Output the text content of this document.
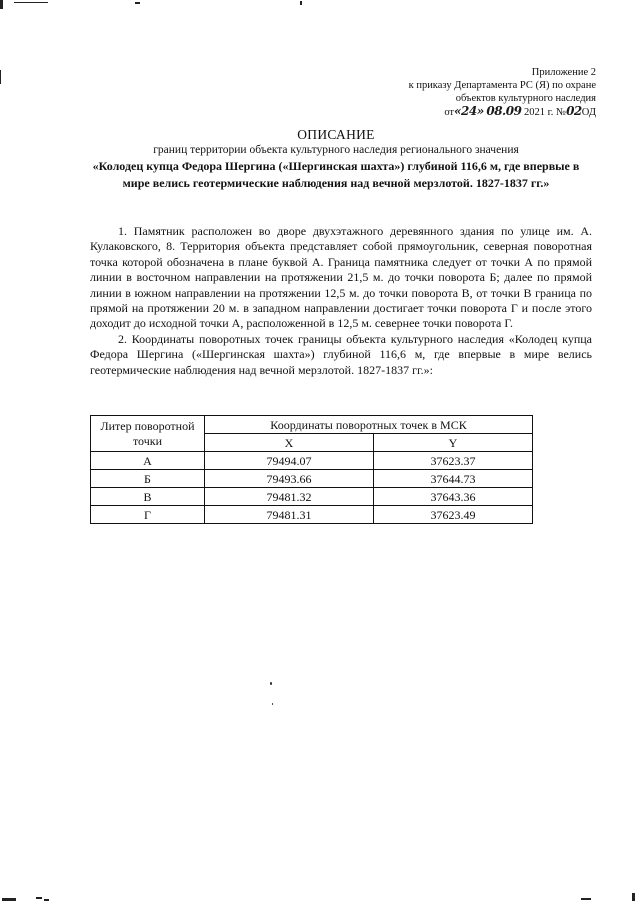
Приложение 2
к приказу Департамента РС (Я) по охране
объектов культурного наследия
от«24» 08.09 2021 г. №02ОД
ОПИСАНИЕ
границ территории объекта культурного наследия регионального значения
«Колодец купца Федора Шергина («Шергинская шахта») глубиной 116,6 м, где впервые в мире велись геотермические наблюдения над вечной мерзлотой. 1827-1837 гг.»

1. Памятник расположен во дворе двухэтажного деревянного здания по улице им. А. Кулаковского, 8. Территория объекта представляет собой прямоугольник, северная поворотная точка которой обозначена в плане буквой А. Граница памятника следует от точки А по прямой линии в восточном направлении на протяжении 21,5 м. до точки поворота Б; далее по прямой линии в южном направлении на протяжении 12,5 м. до точки поворота В, от точки В граница по прямой на протяжении 20 м. в западном направлении достигает точки поворота Г и после этого доходит до исходной точки А, расположенной в 12,5 м. севернее точки поворота Г.

2. Координаты поворотных точек границы объекта культурного наследия «Колодец купца Федора Шергина («Шергинская шахта») глубиной 116,6 м, где впервые в мире велись геотермические наблюдения над вечной мерзлотой. 1827-1837 гг.»:

Литер поворотной точки	Координаты поворотных точек в МСК	
	X	Y
А	79494.07	37623.37
Б	79493.66	37644.73
В	79481.32	37643.36
Г	79481.31	37623.49
